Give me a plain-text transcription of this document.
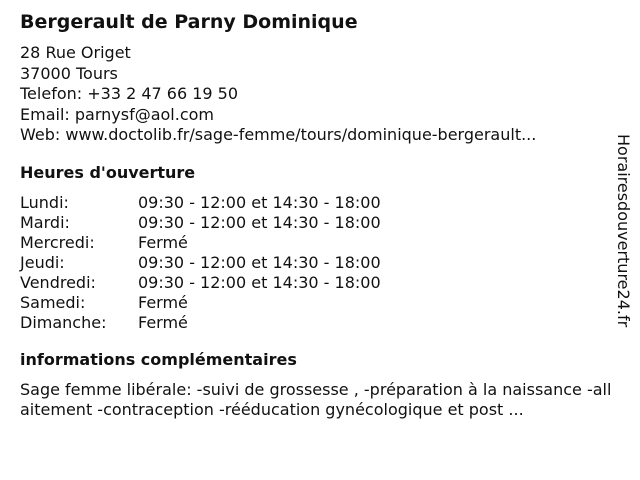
Bergerault de Parny Dominique
28 Rue Origet
37000 Tours
Telefon: +33 2 47 66 19 50
Email: parnysf@aol.com
Web: www.doctolib.fr/sage-femme/tours/dominique-bergerault...
Heures d'ouverture
Lundi:	09:30 - 12:00 et 14:30 - 18:00
Mardi:	09:30 - 12:00 et 14:30 - 18:00
Mercredi:	Fermé
Jeudi:	09:30 - 12:00 et 14:30 - 18:00
Vendredi:	09:30 - 12:00 et 14:30 - 18:00
Samedi:	Fermé
Dimanche:	Fermé
informations complémentaires
Sage femme libérale: -suivi de grossesse , -préparation à la naissance -allaitement -contraception -rééducation gynécologique et post ...
Horairesdouverture24.fr
